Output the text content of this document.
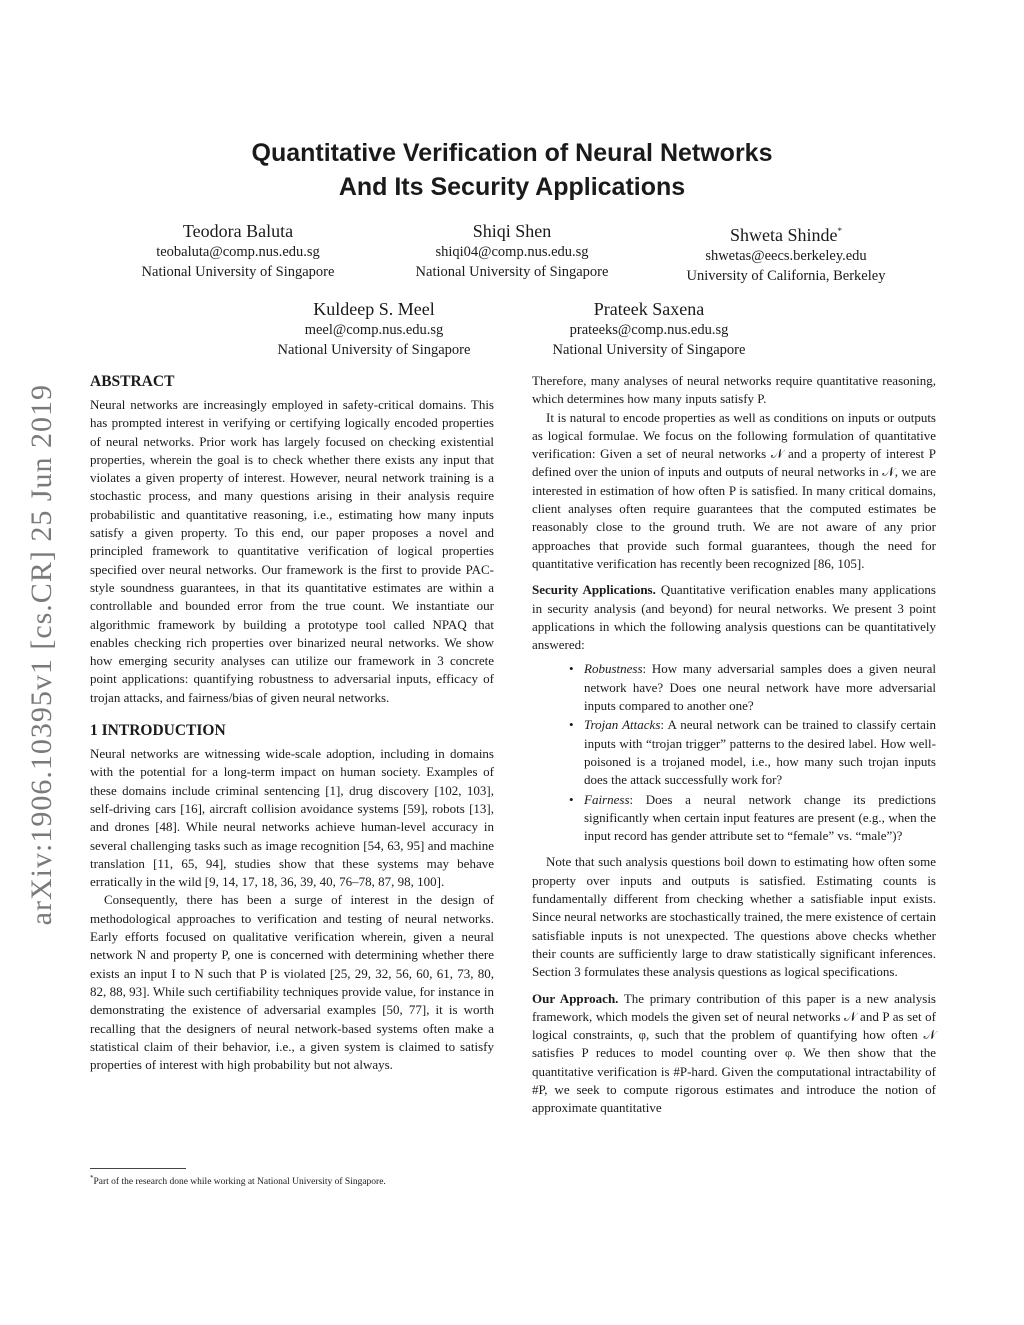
arXiv:1906.10395v1 [cs.CR] 25 Jun 2019
Quantitative Verification of Neural Networks
And Its Security Applications
Teodora Baluta
teobaluta@comp.nus.edu.sg
National University of Singapore
Shiqi Shen
shiqi04@comp.nus.edu.sg
National University of Singapore
Shweta Shinde*
shwetas@eecs.berkeley.edu
University of California, Berkeley
Kuldeep S. Meel
meel@comp.nus.edu.sg
National University of Singapore
Prateek Saxena
prateeks@comp.nus.edu.sg
National University of Singapore
ABSTRACT

Neural networks are increasingly employed in safety-critical domains. This has prompted interest in verifying or certifying logically encoded properties of neural networks. Prior work has largely focused on checking existential properties, wherein the goal is to check whether there exists any input that violates a given property of interest. However, neural network training is a stochastic process, and many questions arising in their analysis require probabilistic and quantitative reasoning, i.e., estimating how many inputs satisfy a given property. To this end, our paper proposes a novel and principled framework to quantitative verification of logical properties specified over neural networks. Our framework is the first to provide PAC-style soundness guarantees, in that its quantitative estimates are within a controllable and bounded error from the true count. We instantiate our algorithmic framework by building a prototype tool called NPAQ that enables checking rich properties over binarized neural networks. We show how emerging security analyses can utilize our framework in 3 concrete point applications: quantifying robustness to adversarial inputs, efficacy of trojan attacks, and fairness/bias of given neural networks.

1 INTRODUCTION

Neural networks are witnessing wide-scale adoption, including in domains with the potential for a long-term impact on human society. Examples of these domains include criminal sentencing [1], drug discovery [102, 103], self-driving cars [16], aircraft collision avoidance systems [59], robots [13], and drones [48]. While neural networks achieve human-level accuracy in several challenging tasks such as image recognition [54, 63, 95] and machine translation [11, 65, 94], studies show that these systems may behave erratically in the wild [9, 14, 17, 18, 36, 39, 40, 76–78, 87, 98, 100].

Consequently, there has been a surge of interest in the design of methodological approaches to verification and testing of neural networks. Early efforts focused on qualitative verification wherein, given a neural network N and property P, one is concerned with determining whether there exists an input I to N such that P is violated [25, 29, 32, 56, 60, 61, 73, 80, 82, 88, 93]. While such certifiability techniques provide value, for instance in demonstrating the existence of adversarial examples [50, 77], it is worth recalling that the designers of neural network-based systems often make a statistical claim of their behavior, i.e., a given system is claimed to satisfy properties of interest with high probability but not always.

*Part of the research done while working at National University of Singapore.

Therefore, many analyses of neural networks require quantitative reasoning, which determines how many inputs satisfy P.

It is natural to encode properties as well as conditions on inputs or outputs as logical formulae. We focus on the following formulation of quantitative verification: Given a set of neural networks 𝒩 and a property of interest P defined over the union of inputs and outputs of neural networks in 𝒩, we are interested in estimation of how often P is satisfied. In many critical domains, client analyses often require guarantees that the computed estimates be reasonably close to the ground truth. We are not aware of any prior approaches that provide such formal guarantees, though the need for quantitative verification has recently been recognized [86, 105].

Security Applications. Quantitative verification enables many applications in security analysis (and beyond) for neural networks. We present 3 point applications in which the following analysis questions can be quantitatively answered:

• Robustness: How many adversarial samples does a given neural network have? Does one neural network have more adversarial inputs compared to another one?
• Trojan Attacks: A neural network can be trained to classify certain inputs with “trojan trigger” patterns to the desired label. How well-poisoned is a trojaned model, i.e., how many such trojan inputs does the attack successfully work for?
• Fairness: Does a neural network change its predictions significantly when certain input features are present (e.g., when the input record has gender attribute set to “female” vs. “male”)?

Note that such analysis questions boil down to estimating how often some property over inputs and outputs is satisfied. Estimating counts is fundamentally different from checking whether a satisfiable input exists. Since neural networks are stochastically trained, the mere existence of certain satisfiable inputs is not unexpected. The questions above checks whether their counts are sufficiently large to draw statistically significant inferences. Section 3 formulates these analysis questions as logical specifications.

Our Approach. The primary contribution of this paper is a new analysis framework, which models the given set of neural networks 𝒩 and P as set of logical constraints, φ, such that the problem of quantifying how often 𝒩 satisfies P reduces to model counting over φ. We then show that the quantitative verification is #P-hard. Given the computational intractability of #P, we seek to compute rigorous estimates and introduce the notion of approximate quantitative
